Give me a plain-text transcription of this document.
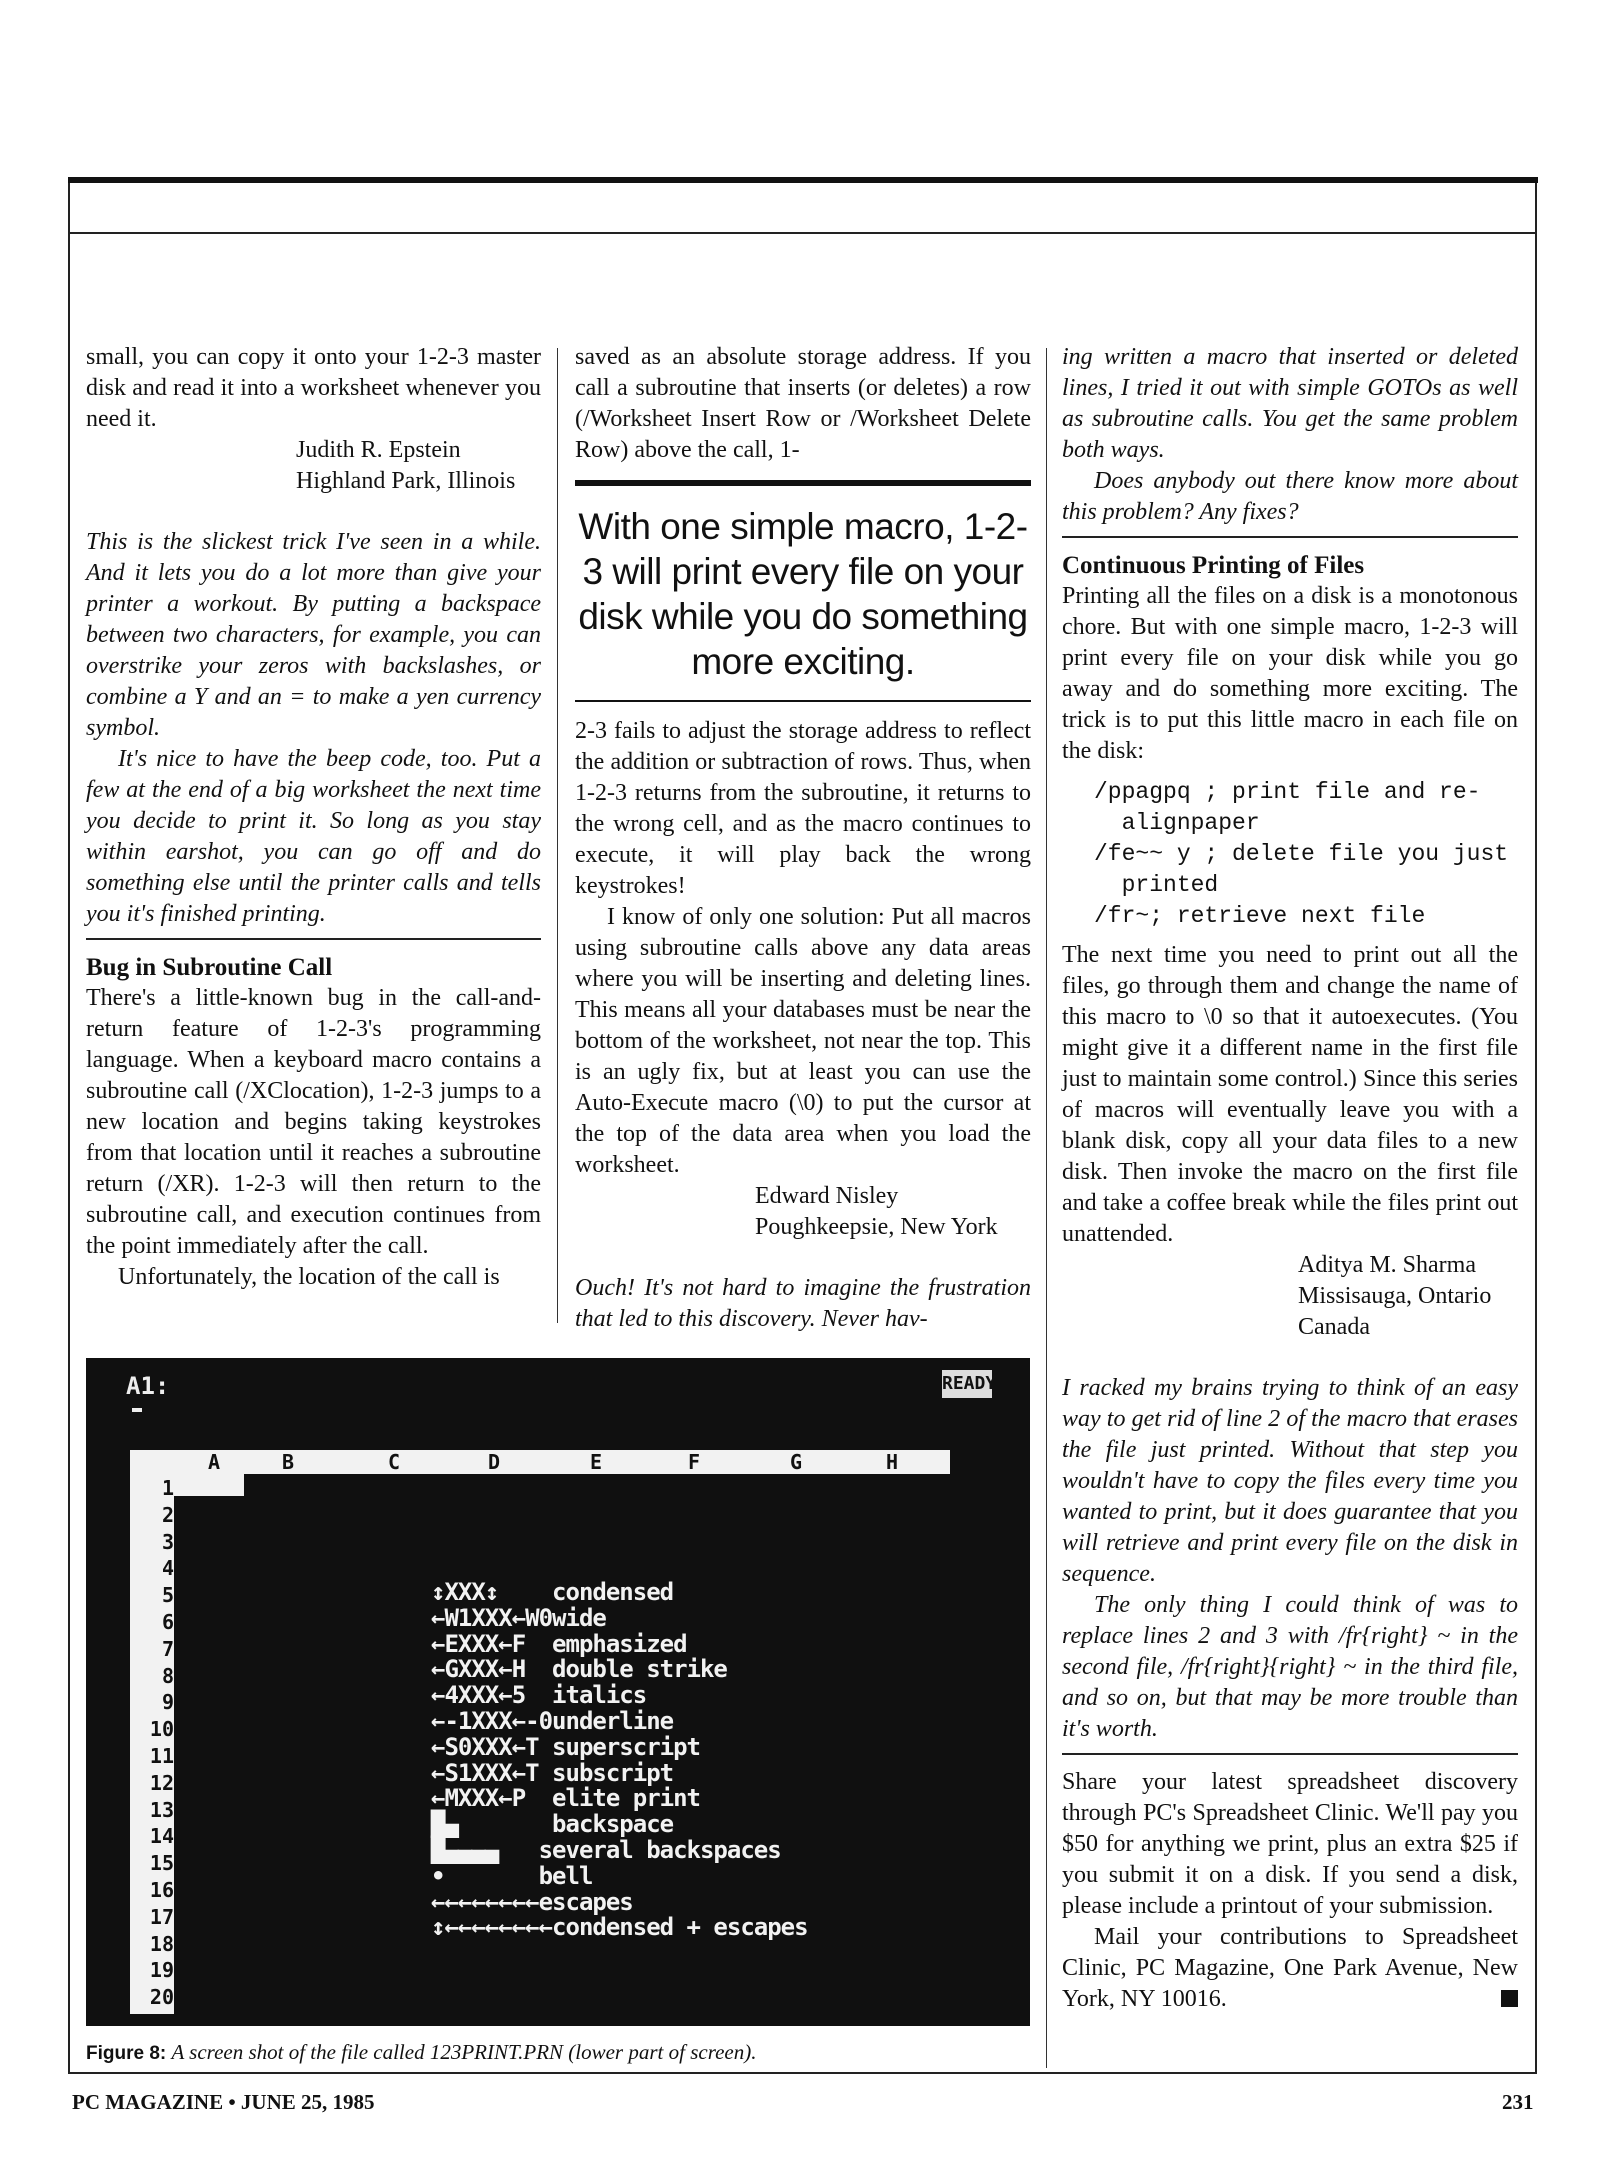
small, you can copy it onto your 1-2-3 master disk and read it into a worksheet whenever you need it.

Judith R. Epstein

Highland Park, Illinois

This is the slickest trick I've seen in a while. And it lets you do a lot more than give your printer a workout. By putting a backspace between two characters, for example, you can overstrike your zeros with backslashes, or combine a Y and an = to make a yen currency symbol.

It's nice to have the beep code, too. Put a few at the end of a big worksheet the next time you decide to print it. So long as you stay within earshot, you can go off and do something else until the printer calls and tells you it's finished printing.

Bug in Subroutine Call

There's a little-known bug in the call-and-return feature of 1-2-3's programming language. When a keyboard macro contains a subroutine call (/XClocation), 1-2-3 jumps to a new location and begins taking keystrokes from that location until it reaches a subroutine return (/XR). 1-2-3 will then return to the subroutine call, and execution continues from the point immediately after the call.

Unfortunately, the location of the call is

saved as an absolute storage address. If you call a subroutine that inserts (or deletes) a row (/Worksheet Insert Row or /Worksheet Delete Row) above the call, 1-

With one simple macro, 1-2-3 will print every file on your disk while you do something more exciting.

2-3 fails to adjust the storage address to reflect the addition or subtraction of rows. Thus, when 1-2-3 returns from the subroutine, it returns to the wrong cell, and as the macro continues to execute, it will play back the wrong keystrokes!

I know of only one solution: Put all macros using subroutine calls above any data areas where you will be inserting and deleting lines. This means all your databases must be near the bottom of the worksheet, not near the top. This is an ugly fix, but at least you can use the Auto-Execute macro (\0) to put the cursor at the top of the data area when you load the worksheet.

Edward Nisley

Poughkeepsie, New York

Ouch! It's not hard to imagine the frustration that led to this discovery. Never hav-

ing written a macro that inserted or deleted lines, I tried it out with simple GOTOs as well as subroutine calls. You get the same problem both ways.

Does anybody out there know more about this problem? Any fixes?

Continuous Printing of Files

Printing all the files on a disk is a monotonous chore. But with one simple macro, 1-2-3 will print every file on your disk while you go away and do something more exciting. The trick is to put this little macro in each file on the disk:

/ppagpq ; print file and re-
alignpaper
/fe~~ y ; delete file you just
printed
/fr~; retrieve next file

The next time you need to print out all the files, go through them and change the name of this macro to \0 so that it autoexecutes. (You might give it a different name in the first file just to maintain some control.) Since this series of macros will eventually leave you with a blank disk, copy all your data files to a new disk. Then invoke the macro on the first file and take a coffee break while the files print out unattended.

Aditya M. Sharma

Missisauga, Ontario

Canada

I racked my brains trying to think of an easy way to get rid of line 2 of the macro that erases the file just printed. Without that step you wouldn't have to copy the files every time you wanted to print, but it does guarantee that you will retrieve and print every file on the disk in sequence.

The only thing I could think of was to replace lines 2 and 3 with /fr{right} ~ in the second file, /fr{right}{right} ~ in the third file, and so on, but that may be more trouble than it's worth.

Share your latest spreadsheet discovery through PC's Spreadsheet Clinic. We'll pay you $50 for anything we print, plus an extra $25 if you submit it on a disk. If you send a disk, please include a printout of your submission.

Mail your contributions to Spreadsheet Clinic, PC Magazine, One Park Avenue, New York, NY 10016.

A1:	READY
A	B	C	D	E	F	G	H
1
2
3
4
5
6
7
8
9
10
11
12
13
14
15
16
17
18
19
20
↕XXX↕    condensed
←W1XXX←W0wide
←EXXX←F  emphasized
←GXXX←H  double strike
←4XXX←5  italics
←-1XXX←-0underline
←S0XXX←T superscript
←S1XXX←T subscript
←MXXX←P  elite print
█▄       backspace
█▄▄▄▄   several backspaces
•       bell
←←←←←←←←escapes
↕←←←←←←←←condensed + escapes
Figure 8: A screen shot of the file called 123PRINT.PRN (lower part of screen).
PC MAGAZINE • JUNE 25, 1985	231
